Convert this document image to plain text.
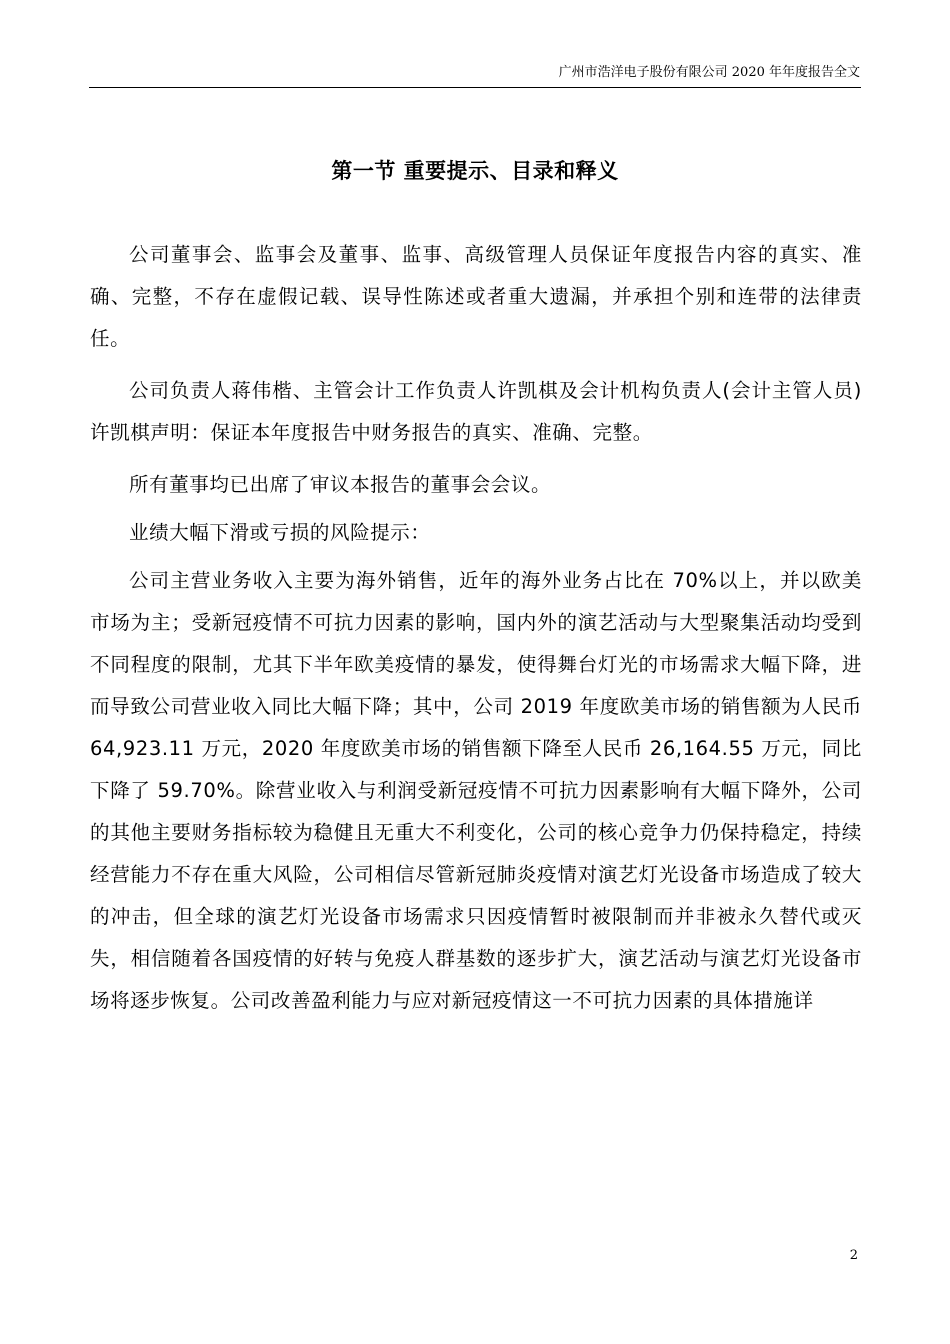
广州市浩洋电子股份有限公司 2020 年年度报告全文
第一节 重要提示、目录和释义

公司董事会、监事会及董事、监事、高级管理人员保证年度报告内容的真实、准确、完整，不存在虚假记载、误导性陈述或者重大遗漏，并承担个别和连带的法律责任。

公司负责人蒋伟楷、主管会计工作负责人许凯棋及会计机构负责人(会计主管人员)许凯棋声明：保证本年度报告中财务报告的真实、准确、完整。

所有董事均已出席了审议本报告的董事会会议。

业绩大幅下滑或亏损的风险提示：

公司主营业务收入主要为海外销售，近年的海外业务占比在 70%以上，并以欧美市场为主；受新冠疫情不可抗力因素的影响，国内外的演艺活动与大型聚集活动均受到不同程度的限制，尤其下半年欧美疫情的暴发，使得舞台灯光的市场需求大幅下降，进而导致公司营业收入同比大幅下降；其中，公司 2019 年度欧美市场的销售额为人民币 64,923.11 万元，2020 年度欧美市场的销售额下降至人民币 26,164.55 万元，同比下降了 59.70%。除营业收入与利润受新冠疫情不可抗力因素影响有大幅下降外，公司的其他主要财务指标较为稳健且无重大不利变化，公司的核心竞争力仍保持稳定，持续经营能力不存在重大风险，公司相信尽管新冠肺炎疫情对演艺灯光设备市场造成了较大的冲击，但全球的演艺灯光设备市场需求只因疫情暂时被限制而并非被永久替代或灭失，相信随着各国疫情的好转与免疫人群基数的逐步扩大，演艺活动与演艺灯光设备市场将逐步恢复。公司改善盈利能力与应对新冠疫情这一不可抗力因素的具体措施详

2
